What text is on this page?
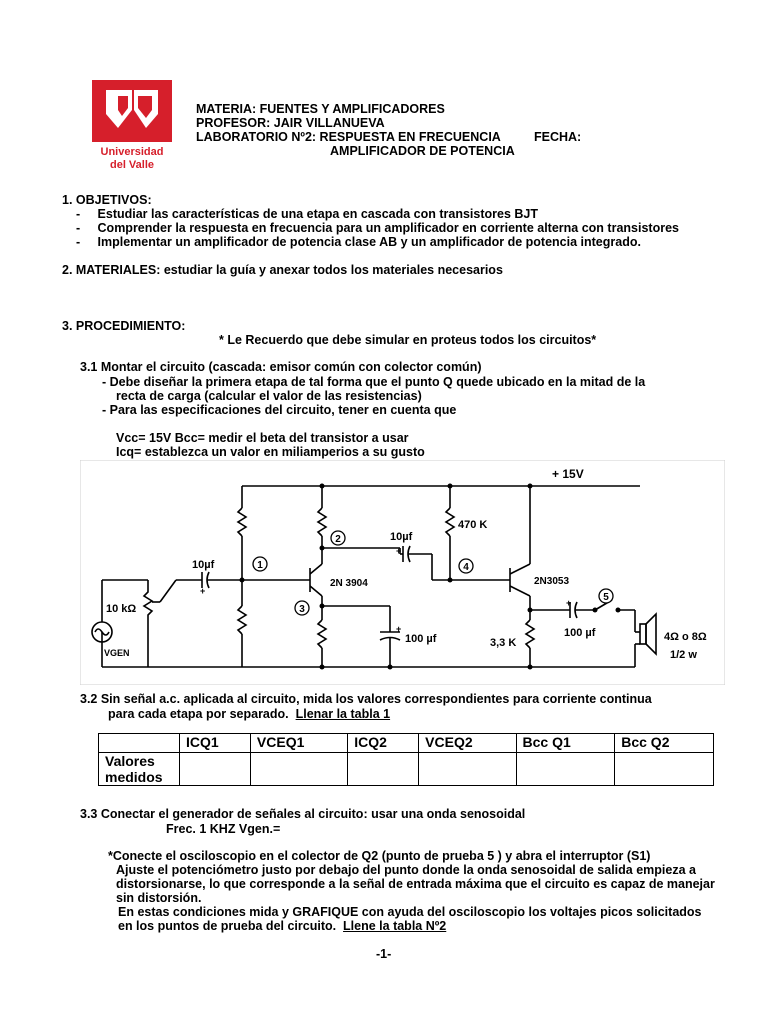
Universidad
del Valle
MATERIA: FUENTES Y AMPLIFICADORES
PROFESOR: JAIR VILLANUEVA
LABORATORIO Nº2: RESPUESTA EN FRECUENCIA	FECHA:
AMPLIFICADOR DE POTENCIA
1. OBJETIVOS:
-     Estudiar las características de una etapa en cascada con transistores BJT
-     Comprender la respuesta en frecuencia para un amplificador en corriente alterna con transistores
-     Implementar un amplificador de potencia clase AB y un amplificador de potencia integrado.
2. MATERIALES: estudiar la guía y anexar todos los materiales necesarios
3. PROCEDIMIENTO:
* Le Recuerdo que debe simular en proteus todos los circuitos*
3.1 Montar el circuito (cascada: emisor común con colector común)
- Debe diseñar la primera etapa de tal forma que el punto Q quede ubicado en la mitad de la
recta de carga (calcular el valor de las resistencias)
- Para las especificaciones del circuito, tener en cuenta que
Vcc= 15V Bcc= medir el beta del transistor a usar
Icq= establezca un valor en miliamperios a su gusto
1
2
3
4
5
+ 15V
10µf
10µf
100 µf	100 µf
10 kΩ
VGEN
470 K
3,3 K
2N 3904	2N3053
4Ω o 8Ω
1/2 w
+
+
+
+
3.2 Sin señal a.c. aplicada al circuito, mida los valores correspondientes para corriente continua
para cada etapa por separado. Llenar la tabla 1
	ICQ1	VCEQ1	ICQ2	VCEQ2	Bcc Q1	Bcc Q2
Valores
medidos						
3.3 Conectar el generador de señales al circuito: usar una onda senosoidal
Frec. 1 KHZ Vgen.=
*Conecte el osciloscopio en el colector de Q2 (punto de prueba 5 ) y abra el interruptor (S1)
Ajuste el potenciómetro justo por debajo del punto donde la onda senosoidal de salida empieza a
distorsionarse, lo que corresponde a la señal de entrada máxima que el circuito es capaz de manejar
sin distorsión.
En estas condiciones mida y GRAFIQUE con ayuda del osciloscopio los voltajes picos solicitados
en los puntos de prueba del circuito. Llene la tabla Nº2
-1-
